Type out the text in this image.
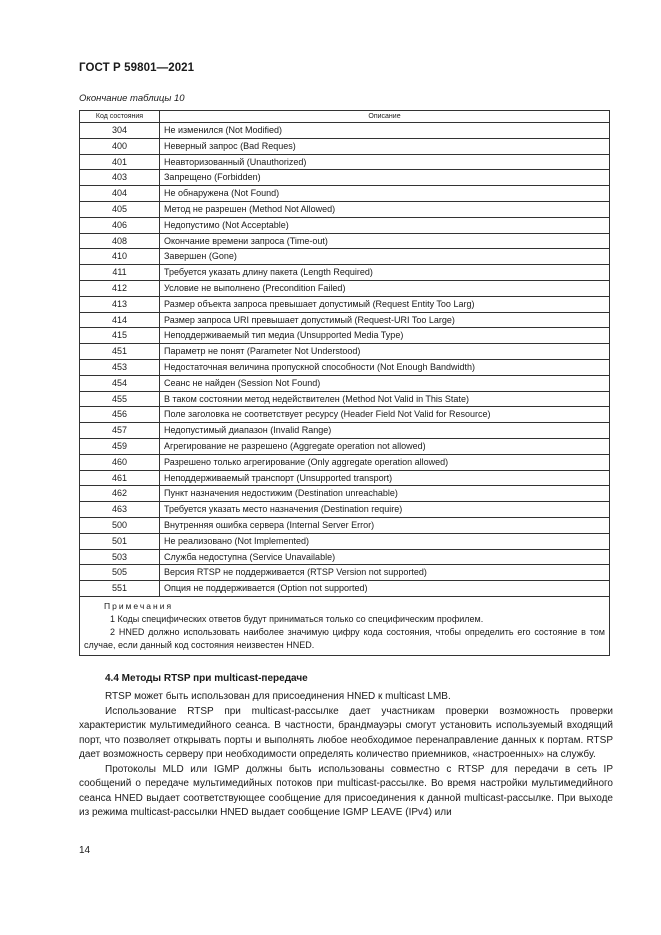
ГОСТ Р 59801—2021
Окончание таблицы 10
Код состояния	Описание
304	Не изменился (Not Modified)
400	Неверный запрос (Bad Reques)
401	Неавторизованный (Unauthorized)
403	Запрещено (Forbidden)
404	Не обнаружена (Not Found)
405	Метод не разрешен (Method Not Allowed)
406	Недопустимо (Not Acceptable)
408	Окончание времени запроса (Time-out)
410	Завершен (Gone)
411	Требуется указать длину пакета (Length Required)
412	Условие не выполнено (Precondition Failed)
413	Размер объекта запроса превышает допустимый (Request Entity Too Larg)
414	Размер запроса URI превышает допустимый (Request-URI Too Large)
415	Неподдерживаемый тип медиа (Unsupported Media Type)
451	Параметр не понят (Parameter Not Understood)
453	Недостаточная величина пропускной способности (Not Enough Bandwidth)
454	Сеанс не найден (Session Not Found)
455	В таком состоянии метод недействителен (Method Not Valid in This State)
456	Поле заголовка не соответствует ресурсу (Header Field Not Valid for Resource)
457	Недопустимый диапазон (Invalid Range)
459	Агрегирование не разрешено (Aggregate operation not allowed)
460	Разрешено только агрегирование (Only aggregate operation allowed)
461	Неподдерживаемый транспорт (Unsupported transport)
462	Пункт назначения недостижим (Destination unreachable)
463	Требуется указать место назначения (Destination require)
500	Внутренняя ошибка сервера (Internal Server Error)
501	Не реализовано (Not Implemented)
503	Служба недоступна (Service Unavailable)
505	Версия RTSP не поддерживается (RTSP Version not supported)
551	Опция не поддерживается (Option not supported)

Примечания
1 Коды специфических ответов будут приниматься только со специфическим профилем.
2 HNED должно использовать наиболее значимую цифру кода состояния, чтобы определить его состояние в том случае, если данный код состояния неизвестен HNED.	
4.4 Методы RTSP при multicast-передаче

RTSP может быть использован для присоединения HNED к multicast LMB.

Использование RTSP при multicast-рассылке дает участникам проверки возможность проверки характеристик мультимедийного сеанса. В частности, брандмауэры смогут установить используемый входящий порт, что позволяет открывать порты и выполнять любое необходимое перенаправление данных к портам. RTSP дает возможность серверу при необходимости определять количество приемников, «настроенных» на службу.

Протоколы MLD или IGMP должны быть использованы совместно с RTSP для передачи в сеть IP сообщений о передаче мультимедийных потоков при multicast-рассылке. Во время настройки мультимедийного сеанса HNED выдает соответствующее сообщение для присоединения к данной multicast-рассылке. При выходе из режима multicast-рассылки HNED выдает сообщение IGMP LEAVE (IPv4) или

14
